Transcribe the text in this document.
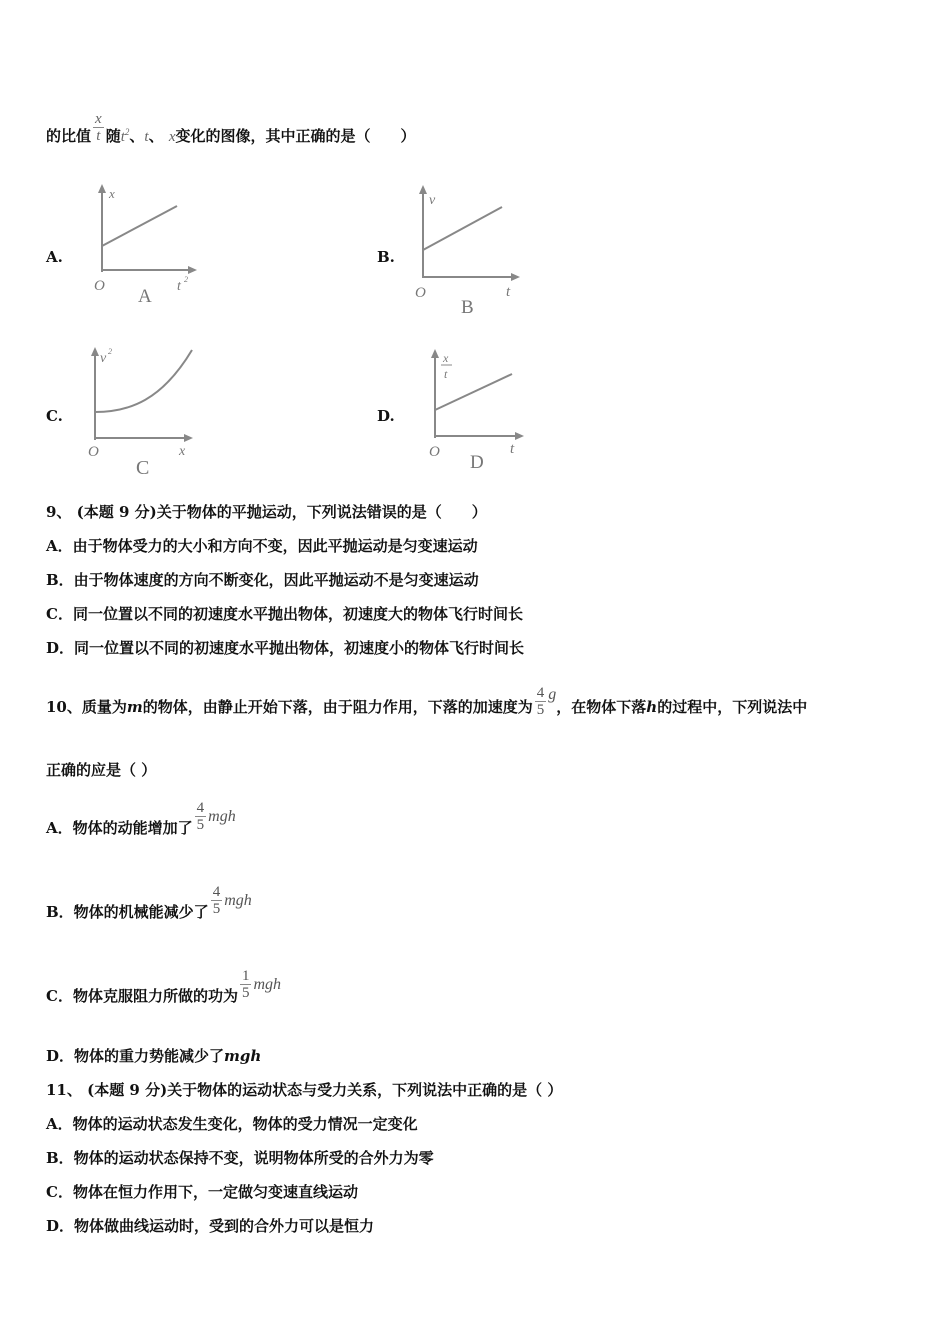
的比值 $\frac{x}{t}$ 随$t^2$、t、 x变化的图像，其中正确的是（　　）
A.	B.
C.	D.
x
O	t 2
A
v
O	t
B
v 2
O	x
C
x
t
O	t
D
9、 (本题 9 分)关于物体的平抛运动，下列说法错误的是（　　）
A．由于物体受力的大小和方向不变，因此平抛运动是匀变速运动
B．由于物体速度的方向不断变化，因此平抛运动不是匀变速运动
C．同一位置以不同的初速度水平抛出物体，初速度大的物体飞行时间长
D．同一位置以不同的初速度水平抛出物体，初速度小的物体飞行时间长
10、质量为m的物体，由静止开始下落，由于阻力作用，下落的加速度为 $\frac{4}{5}$ g，在物体下落h的过程中，下列说法中
正确的应是（ ）
A．物体的动能增加了 $\frac{4}{5}$ mgh
B．物体的机械能减少了 $\frac{4}{5}$ mgh
C．物体克服阻力所做的功为 $\frac{1}{5}$ mgh
D．物体的重力势能减少了mgh
11、 (本题 9 分)关于物体的运动状态与受力关系，下列说法中正确的是（ ）
A．物体的运动状态发生变化，物体的受力情况一定变化
B．物体的运动状态保持不变，说明物体所受的合外力为零
C．物体在恒力作用下，一定做匀变速直线运动
D．物体做曲线运动时，受到的合外力可以是恒力
